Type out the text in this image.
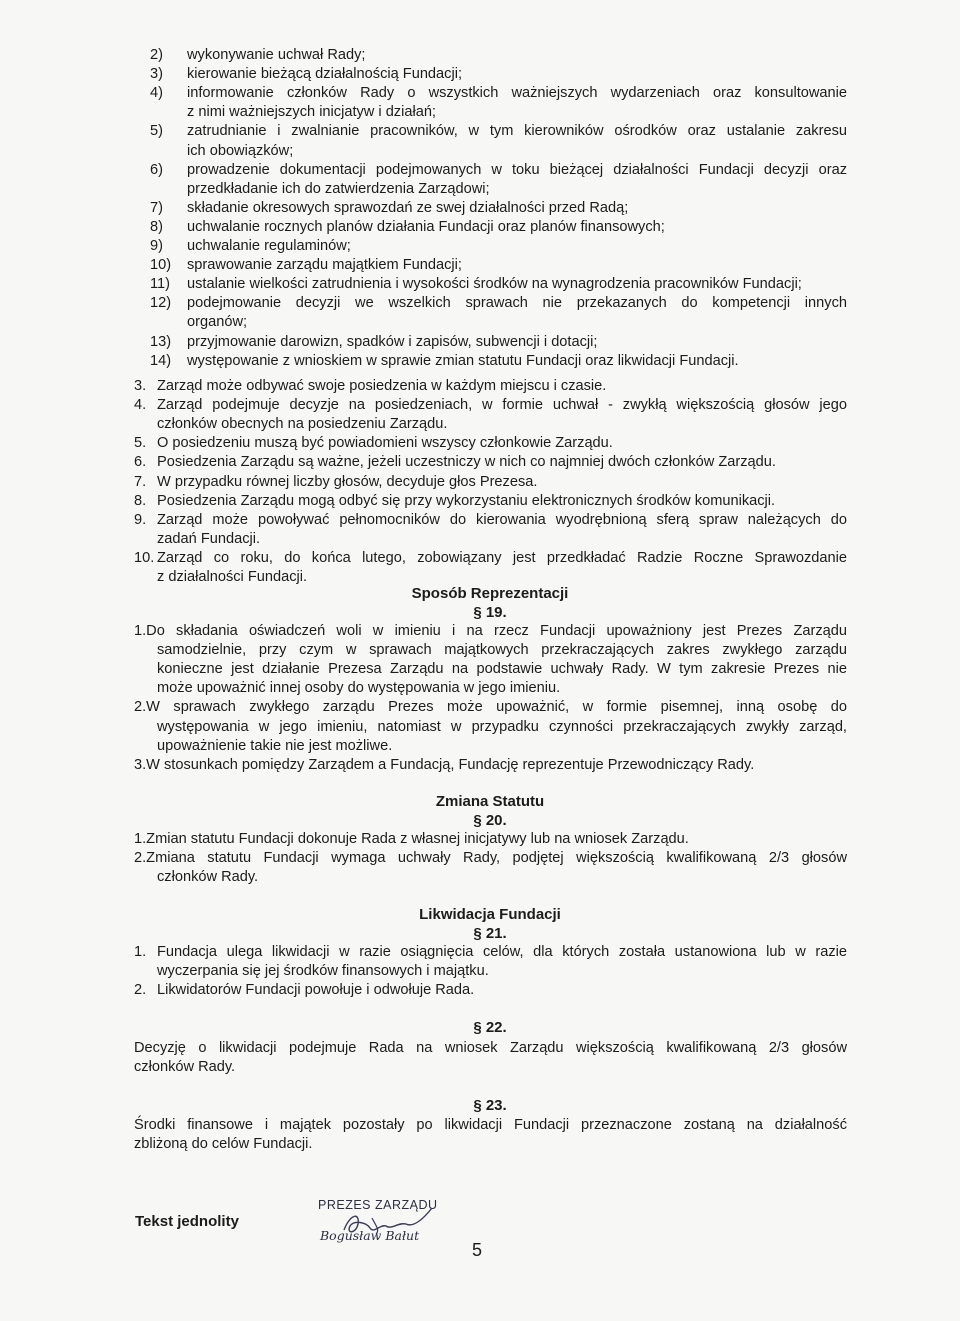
2) wykonywanie uchwał Rady;
3) kierowanie bieżącą działalnością Fundacji;
4) informowanie członków Rady o wszystkich ważniejszych wydarzeniach oraz konsultowanie
z nimi ważniejszych inicjatyw i działań;
5) zatrudnianie i zwalnianie pracowników, w tym kierowników ośrodków oraz ustalanie zakresu
ich obowiązków;
6) prowadzenie dokumentacji podejmowanych w toku bieżącej działalności Fundacji decyzji oraz
przedkładanie ich do zatwierdzenia Zarządowi;
7) składanie okresowych sprawozdań ze swej działalności przed Radą;
8) uchwalanie rocznych planów działania Fundacji oraz planów finansowych;
9) uchwalanie regulaminów;
10) sprawowanie zarządu majątkiem Fundacji;
11) ustalanie wielkości zatrudnienia i wysokości środków na wynagrodzenia pracowników Fundacji;
12) podejmowanie decyzji we wszelkich sprawach nie przekazanych do kompetencji innych
organów;
13) przyjmowanie darowizn, spadków i zapisów, subwencji i dotacji;
14) występowanie z wnioskiem w sprawie zmian statutu Fundacji oraz likwidacji Fundacji.
3. Zarząd może odbywać swoje posiedzenia w każdym miejscu i czasie.
4. Zarząd podejmuje decyzje na posiedzeniach, w formie uchwał - zwykłą większością głosów jego
członków obecnych na posiedzeniu Zarządu.
5. O posiedzeniu muszą być powiadomieni wszyscy członkowie Zarządu.
6. Posiedzenia Zarządu są ważne, jeżeli uczestniczy w nich co najmniej dwóch członków Zarządu.
7. W przypadku równej liczby głosów, decyduje głos Prezesa.
8. Posiedzenia Zarządu mogą odbyć się przy wykorzystaniu elektronicznych środków komunikacji.
9. Zarząd może powoływać pełnomocników do kierowania wyodrębnioną sferą spraw należących do
zadań Fundacji.
10. Zarząd co roku, do końca lutego, zobowiązany jest przedkładać Radzie Roczne Sprawozdanie
z działalności Fundacji.
Sposób Reprezentacji
§ 19.
1.Do składania oświadczeń woli w imieniu i na rzecz Fundacji upoważniony jest Prezes Zarządu
samodzielnie, przy czym w sprawach majątkowych przekraczających zakres zwykłego zarządu
konieczne jest działanie Prezesa Zarządu na podstawie uchwały Rady. W tym zakresie Prezes nie
może upoważnić innej osoby do występowania w jego imieniu.
2.W sprawach zwykłego zarządu Prezes może upoważnić, w formie pisemnej, inną osobę do
występowania w jego imieniu, natomiast w przypadku czynności przekraczających zwykły zarząd,
upoważnienie takie nie jest możliwe.
3.W stosunkach pomiędzy Zarządem a Fundacją, Fundację reprezentuje Przewodniczący Rady.
Zmiana Statutu
§ 20.
1.Zmian statutu Fundacji dokonuje Rada z własnej inicjatywy lub na wniosek Zarządu.
2.Zmiana statutu Fundacji wymaga uchwały Rady, podjętej większością kwalifikowaną 2/3 głosów
członków Rady.
Likwidacja Fundacji
§ 21.
1. Fundacja ulega likwidacji w razie osiągnięcia celów, dla których została ustanowiona lub w razie
wyczerpania się jej środków finansowych i majątku.
2. Likwidatorów Fundacji powołuje i odwołuje Rada.
§ 22.
Decyzję o likwidacji podejmuje Rada na wniosek Zarządu większością kwalifikowaną 2/3 głosów
członków Rady.
§ 23.
Środki finansowe i majątek pozostały po likwidacji Fundacji przeznaczone zostaną na działalność
zbliżoną do celów Fundacji.
Tekst jednolity
PREZES ZARZĄDU
Bogusław Bałut
5
